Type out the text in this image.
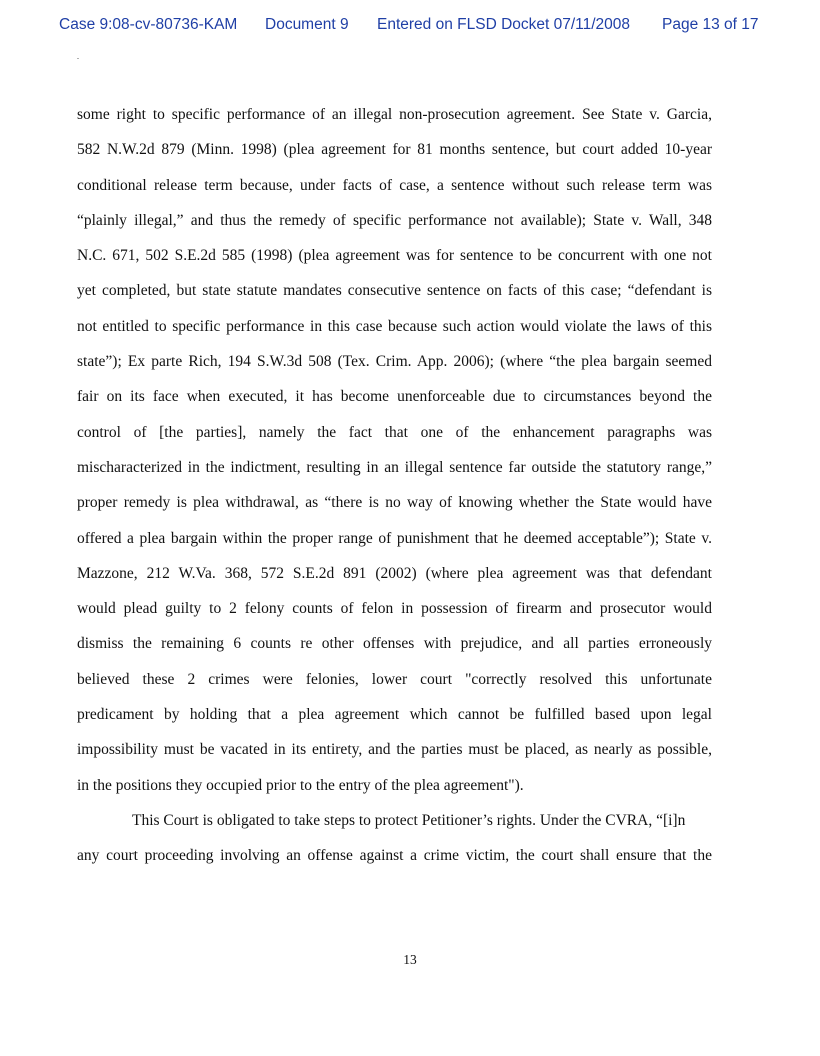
Case 9:08-cv-80736-KAM Document 9 Entered on FLSD Docket 07/11/2008 Page 13 of 17
some right to specific performance of an illegal non-prosecution agreement. See State v. Garcia,
582 N.W.2d 879 (Minn. 1998) (plea agreement for 81 months sentence, but court added 10-year
conditional release term because, under facts of case, a sentence without such release term was
“plainly illegal,” and thus the remedy of specific performance not available); State v. Wall, 348
N.C. 671, 502 S.E.2d 585 (1998) (plea agreement was for sentence to be concurrent with one not
yet completed, but state statute mandates consecutive sentence on facts of this case; “defendant is
not entitled to specific performance in this case because such action would violate the laws of this
state”); Ex parte Rich, 194 S.W.3d 508 (Tex. Crim. App. 2006); (where “the plea bargain seemed
fair on its face when executed, it has become unenforceable due to circumstances beyond the
control of [the parties], namely the fact that one of the enhancement paragraphs was
mischaracterized in the indictment, resulting in an illegal sentence far outside the statutory range,”
proper remedy is plea withdrawal, as “there is no way of knowing whether the State would have
offered a plea bargain within the proper range of punishment that he deemed acceptable”); State v.
Mazzone, 212 W.Va. 368, 572 S.E.2d 891 (2002) (where plea agreement was that defendant
would plead guilty to 2 felony counts of felon in possession of firearm and prosecutor would
dismiss the remaining 6 counts re other offenses with prejudice, and all parties erroneously
believed these 2 crimes were felonies, lower court "correctly resolved this unfortunate
predicament by holding that a plea agreement which cannot be fulfilled based upon legal
impossibility must be vacated in its entirety, and the parties must be placed, as nearly as possible,
in the positions they occupied prior to the entry of the plea agreement").
This Court is obligated to take steps to protect Petitioner’s rights. Under the CVRA, “[i]n
any court proceeding involving an offense against a crime victim, the court shall ensure that the
13
